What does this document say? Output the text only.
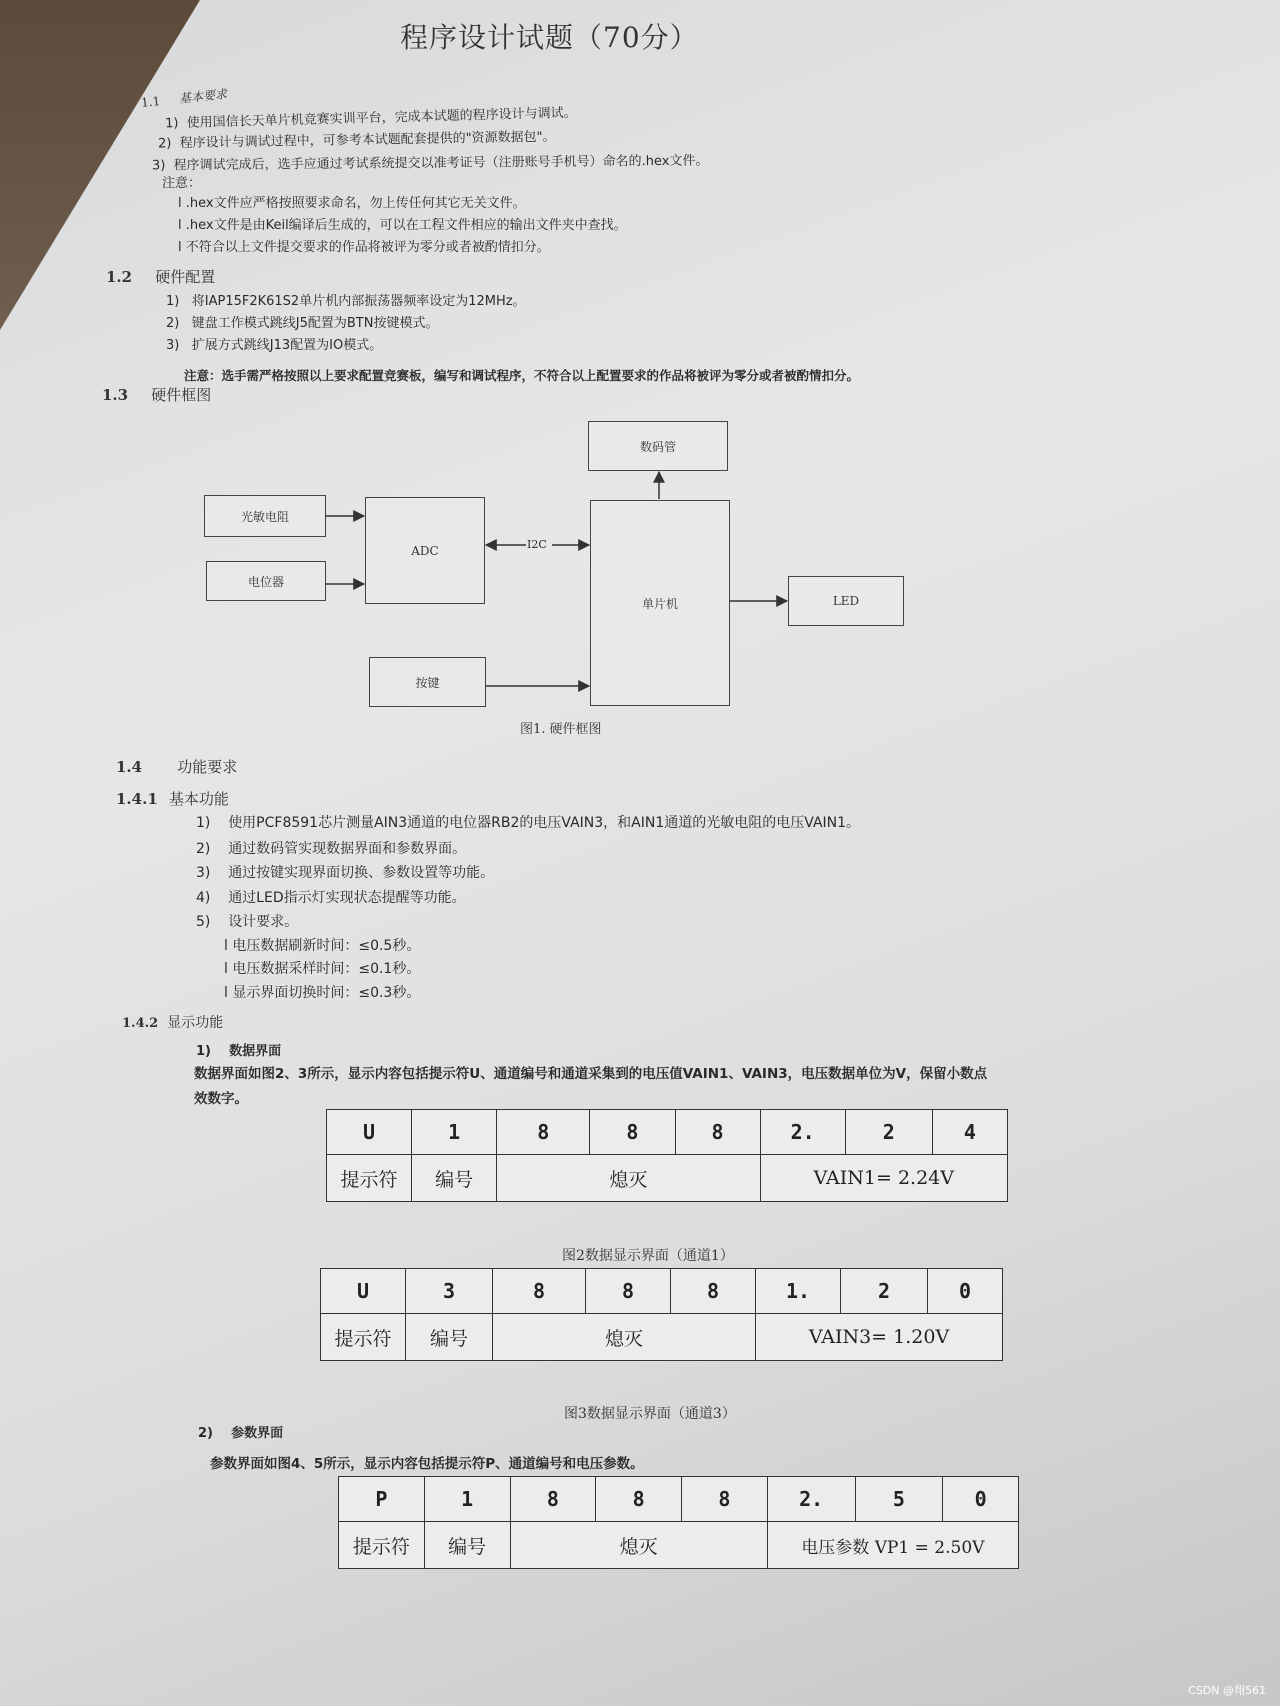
程序设计试题（70分）
1.1 基本要求
1) 使用国信长天单片机竞赛实训平台，完成本试题的程序设计与调试。
2) 程序设计与调试过程中，可参考本试题配套提供的"资源数据包"。
3) 程序调试完成后，选手应通过考试系统提交以准考证号（注册账号手机号）命名的.hex文件。
注意：
l .hex文件应严格按照要求命名，勿上传任何其它无关文件。
l .hex文件是由Keil编译后生成的，可以在工程文件相应的输出文件夹中查找。
l 不符合以上文件提交要求的作品将被评为零分或者被酌情扣分。
1.2 硬件配置
1) 将IAP15F2K61S2单片机内部振荡器频率设定为12MHz。
2) 键盘工作模式跳线J5配置为BTN按键模式。
3) 扩展方式跳线J13配置为IO模式。
注意：选手需严格按照以上要求配置竞赛板，编写和调试程序，不符合以上配置要求的作品将被评为零分或者被酌情扣分。
1.3 硬件框图
数码管
光敏电阻
ADC
单片机
电位器
LED
按键
I2C
图1. 硬件框图
1.4 功能要求
1.4.1 基本功能
1) 使用PCF8591芯片测量AIN3通道的电位器RB2的电压VAIN3，和AIN1通道的光敏电阻的电压VAIN1。
2) 通过数码管实现数据界面和参数界面。
3) 通过按键实现界面切换、参数设置等功能。
4) 通过LED指示灯实现状态提醒等功能。
5) 设计要求。
l 电压数据刷新时间：≤0.5秒。
l 电压数据采样时间：≤0.1秒。
l 显示界面切换时间：≤0.3秒。
1.4.2 显示功能
1) 数据界面
数据界面如图2、3所示，显示内容包括提示符U、通道编号和通道采集到的电压值VAIN1、VAIN3，电压数据单位为V，保留小数点
效数字。
U	1	8	8	8	2.	2	4
提示符	编号	熄灭			VAIN1= 2.24V		
图2数据显示界面（通道1）
U	3	8	8	8	1.	2	0
提示符	编号	熄灭			VAIN3= 1.20V		
图3数据显示界面（通道3）
2) 参数界面
参数界面如图4、5所示，显示内容包括提示符P、通道编号和电压参数。
P	1	8	8	8	2.	5	0
提示符	编号	熄灭			电压参数 VP1 = 2.50V		
CSDN @翔561
